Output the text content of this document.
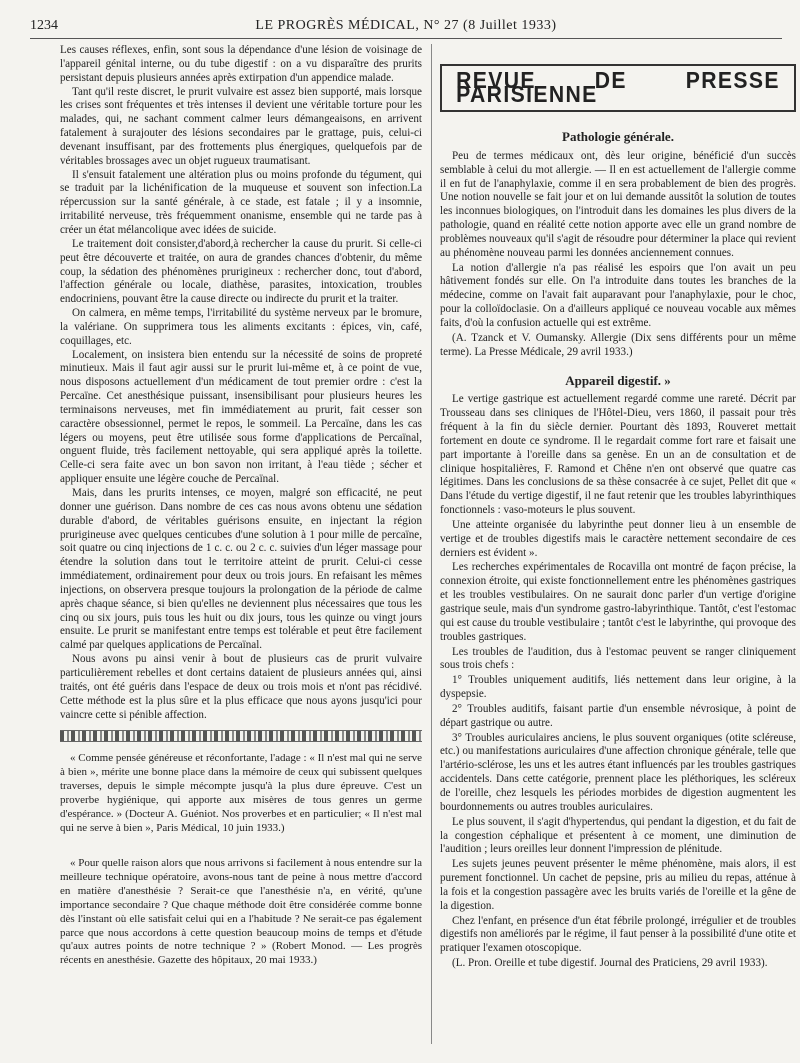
1234	LE PROGRÈS MÉDICAL, N° 27 (8 Juillet 1933)

Les causes réflexes, enfin, sont sous la dépendance d'une lésion de voisinage de l'appareil génital interne, ou du tube digestif : on a vu disparaître des prurits persistant depuis plusieurs années après extirpation d'un appendice malade.

Tant qu'il reste discret, le prurit vulvaire est assez bien supporté, mais lorsque les crises sont fréquentes et très intenses il devient une véritable torture pour les malades, qui, ne sachant comment calmer leurs démangeaisons, en arrivent fatalement à surajouter des lésions secondaires par le grattage, puis, celui-ci devenant insuffisant, par des frottements plus énergiques, quelquefois par de véritables brossages avec un objet rugueux traumatisant.

Il s'ensuit fatalement une altération plus ou moins profonde du tégument, qui se traduit par la lichénification de la muqueuse et souvent son infection.La répercussion sur la santé générale, à ce stade, est fatale ; il y a insomnie, irritabilité nerveuse, très fréquemment onanisme, ensemble qui ne tarde pas à créer un état mélancolique avec idées de suicide.

Le traitement doit consister,d'abord,à rechercher la cause du prurit. Si celle-ci peut être découverte et traitée, on aura de grandes chances d'obtenir, du même coup, la sédation des phénomènes prurigineux : rechercher donc, tout d'abord, l'affection générale ou locale, diathèse, parasites, intoxication, troubles endocriniens, pouvant être la cause directe ou indirecte du prurit et la traiter.

On calmera, en même temps, l'irritabilité du système nerveux par le bromure, la valériane. On supprimera tous les aliments excitants : épices, vin, café, coquillages, etc.

Localement, on insistera bien entendu sur la nécessité de soins de propreté minutieux. Mais il faut agir aussi sur le prurit lui-même et, à ce point de vue, nous disposons actuellement d'un médicament de tout premier ordre : c'est la Percaïne. Cet anesthésique puissant, insensibilisant pour plusieurs heures les terminaisons nerveuses, met fin immédiatement au prurit, fait cesser son caractère obsessionnel, permet le repos, le sommeil. La Percaïne, dans les cas légers ou moyens, peut être utilisée sous forme d'applications de Percaïnal, onguent fluide, très facilement nettoyable, qui sera appliqué après la toilette. Celle-ci sera faite avec un bon savon non irritant, à l'eau tiède ; sécher et appliquer ensuite une légère couche de Percaïnal.

Mais, dans les prurits intenses, ce moyen, malgré son efficacité, ne peut donner une guérison. Dans nombre de ces cas nous avons obtenu une sédation durable d'abord, de véritables guérisons ensuite, en injectant la région prurigineuse avec quelques centicubes d'une solution à 1 pour mille de percaïne, soit quatre ou cinq injections de 1 c. c. ou 2 c. c. suivies d'un léger massage pour étendre la solution dans tout le territoire atteint de prurit. Celui-ci cesse immédiatement, ordinairement pour deux ou trois jours. En refaisant les mêmes injections, on observera presque toujours la prolongation de la période de calme après chaque séance, si bien qu'elles ne deviennent plus nécessaires que tous les cinq ou six jours, puis tous les huit ou dix jours, tous les quinze ou vingt jours ensuite. Le prurit se manifestant entre temps est tolérable et peut être facilement calmé par quelques applications de Percaïnal.

Nous avons pu ainsi venir à bout de plusieurs cas de prurit vulvaire particulièrement rebelles et dont certains dataient de plusieurs années qui, ainsi traités, ont été guéris dans l'espace de deux ou trois mois et n'ont pas récidivé. Cette méthode est la plus sûre et la plus efficace que nous ayons jusqu'ici pour vaincre cette si pénible affection.

« Comme pensée généreuse et réconfortante, l'adage : « Il n'est mal qui ne serve à bien », mérite une bonne place dans la mémoire de ceux qui subissent quelques traverses, depuis le simple mécompte jusqu'à la plus dure épreuve. C'est un proverbe hygiénique, qui apporte aux misères de tous genres un germe d'espérance. » (Docteur A. Guéniot. Nos proverbes et en particulier; « Il n'est mal qui ne serve à bien », Paris Médical, 10 juin 1933.)

« Pour quelle raison alors que nous arrivons si facilement à nous entendre sur la meilleure technique opératoire, avons-nous tant de peine à nous mettre d'accord en matière d'anesthésie ? Serait-ce que l'anesthésie n'a, en vérité, qu'une importance secondaire ? Que chaque méthode doit être considérée comme bonne dès l'instant où elle satisfait celui qui en a l'habitude ? Ne serait-ce pas également parce que nous accordons à cette question beaucoup moins de temps et d'étude qu'aux autres points de notre technique ? » (Robert Monod. — Les progrès récents en anesthésie. Gazette des hôpitaux, 20 mai 1933.)

REVUE DE PRESSE PARISIENNE
Pathologie générale.

Peu de termes médicaux ont, dès leur origine, bénéficié d'un succès semblable à celui du mot allergie. — Il en est actuellement de l'allergie comme il en fut de l'anaphylaxie, comme il en sera probablement de bien des progrès. Une notion nouvelle se fait jour et on lui demande aussitôt la solution de toutes les inconnues biologiques, on l'introduit dans les domaines les plus divers de la pathologie, quand en réalité cette notion apporte avec elle un grand nombre de problèmes nouveaux qu'il s'agit de résoudre pour déterminer la place qui revient au phénomène nouveau parmi les données anciennement connues.

La notion d'allergie n'a pas réalisé les espoirs que l'on avait un peu hâtivement fondés sur elle. On l'a introduite dans toutes les branches de la médecine, comme on l'avait fait auparavant pour l'anaphylaxie, pour le choc, pour la colloïdoclasie. On a d'ailleurs appliqué ce nouveau vocable aux mêmes faits, d'où la confusion actuelle qui est extrême.

(A. Tzanck et V. Oumansky. Allergie (Dix sens différents pour un même terme). La Presse Médicale, 29 avril 1933.)

Appareil digestif. »

Le vertige gastrique est actuellement regardé comme une rareté. Décrit par Trousseau dans ses cliniques de l'Hôtel-Dieu, vers 1860, il passait pour très fréquent à la fin du siècle dernier. Pourtant dès 1893, Rouveret mettait fortement en doute ce syndrome. Il le regardait comme fort rare et faisait une part importante à l'oreille dans sa genèse. En un an de consultation et de clinique hospitalières, F. Ramond et Chêne n'en ont observé que quatre cas légitimes. Dans les conclusions de sa thèse consacrée à ce sujet, Pellet dit que « Dans l'étude du vertige digestif, il ne faut retenir que les troubles labyrinthiques fonctionnels : vaso-moteurs le plus souvent.

Une atteinte organisée du labyrinthe peut donner lieu à un ensemble de vertige et de troubles digestifs mais le caractère nettement secondaire de ces derniers est évident ».

Les recherches expérimentales de Rocavilla ont montré de façon précise, la connexion étroite, qui existe fonctionnellement entre les phénomènes gastriques et les troubles vestibulaires. On ne saurait donc parler d'un vertige d'origine gastrique seule, mais d'un syndrome gastro-labyrinthique. Tantôt, c'est l'estomac qui est cause du trouble vestibulaire ; tantôt c'est le labyrinthe, qui provoque des troubles gastriques.

Les troubles de l'audition, dus à l'estomac peuvent se ranger cliniquement sous trois chefs :

1° Troubles uniquement auditifs, liés nettement dans leur origine, à la dyspepsie.

2° Troubles auditifs, faisant partie d'un ensemble névrosique, à point de départ gastrique ou autre.

3° Troubles auriculaires anciens, le plus souvent organiques (otite scléreuse, etc.) ou manifestations auriculaires d'une affection chronique générale, telle que l'artério-sclérose, les uns et les autres étant influencés par les troubles gastriques accidentels. Dans cette catégorie, prennent place les pléthoriques, les scléreux de l'oreille, chez lesquels les périodes morbides de digestion augmentent les bourdonnements ou autres troubles auriculaires.

Le plus souvent, il s'agit d'hypertendus, qui pendant la digestion, et du fait de la congestion céphalique et présentent à ce moment, une diminution de l'audition ; leurs oreilles leur donnent l'impression de plénitude.

Les sujets jeunes peuvent présenter le même phénomène, mais alors, il est purement fonctionnel. Un cachet de pepsine, pris au milieu du repas, atténue à la fois et la congestion passagère avec les bruits variés de l'oreille et la gêne de la digestion.

Chez l'enfant, en présence d'un état fébrile prolongé, irrégulier et de troubles digestifs non améliorés par le régime, il faut penser à la possibilité d'une otite et pratiquer l'examen otoscopique.

(L. Pron. Oreille et tube digestif. Journal des Praticiens, 29 avril 1933).
